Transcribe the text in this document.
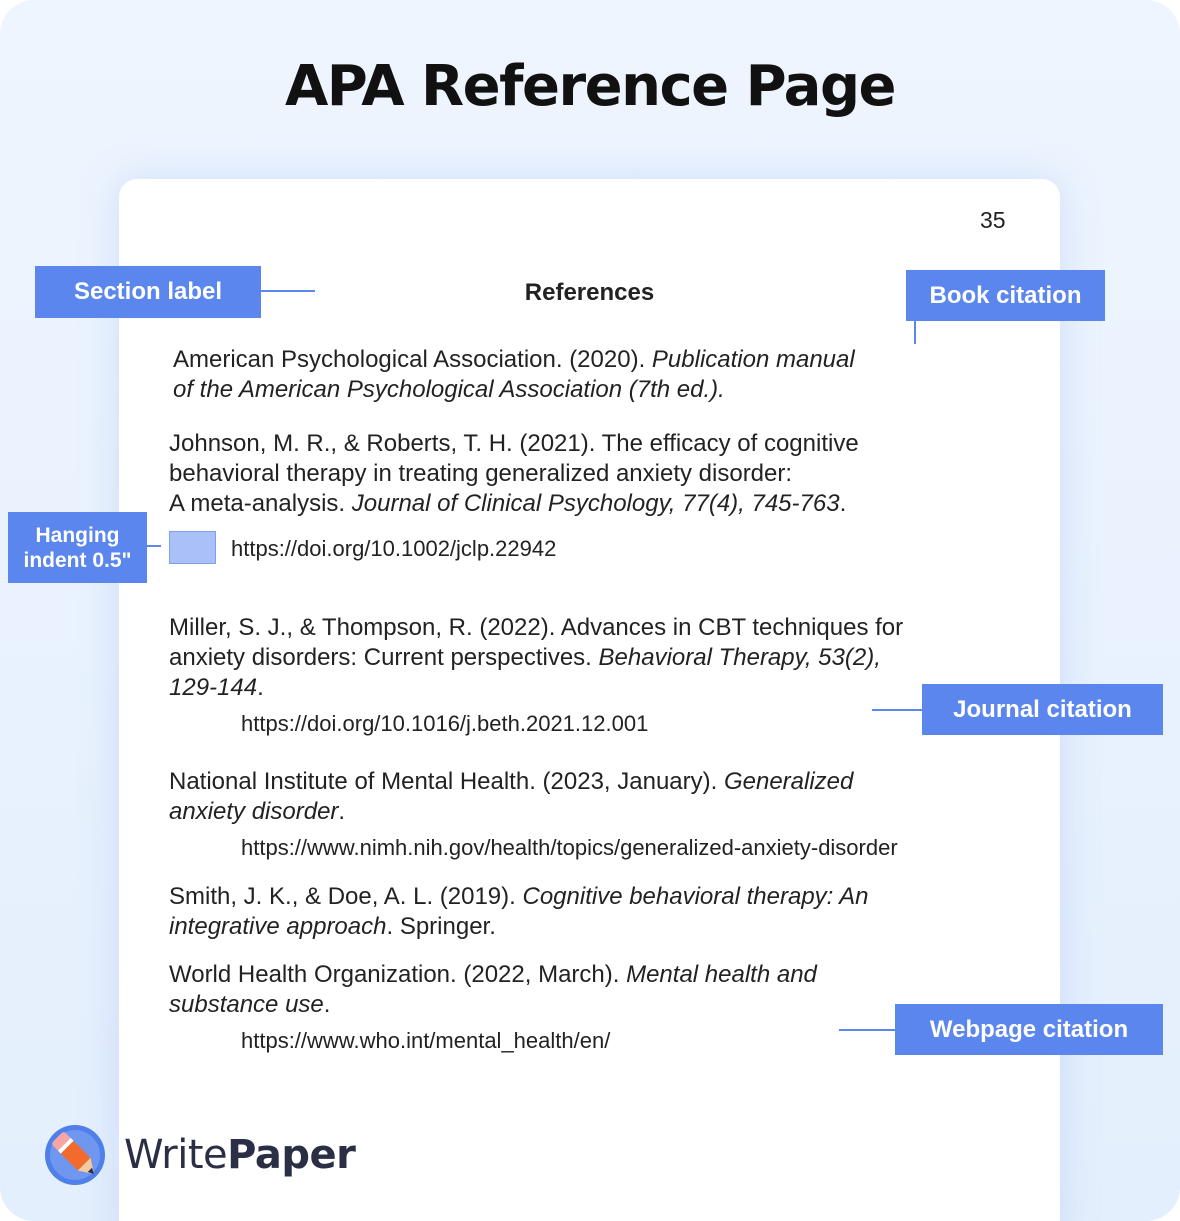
APA Reference Page
35
References
American Psychological Association. (2020). Publication manual
of the American Psychological Association (7th ed.).
Johnson, M. R., & Roberts, T. H. (2021). The efficacy of cognitive
behavioral therapy in treating generalized anxiety disorder:
A meta-analysis. Journal of Clinical Psychology, 77(4), 745-763.
https://doi.org/10.1002/jclp.22942
Miller, S. J., & Thompson, R. (2022). Advances in CBT techniques for
anxiety disorders: Current perspectives. Behavioral Therapy, 53(2),
129-144.
https://doi.org/10.1016/j.beth.2021.12.001
National Institute of Mental Health. (2023, January). Generalized
anxiety disorder.
https://www.nimh.nih.gov/health/topics/generalized-anxiety-disorder
Smith, J. K., & Doe, A. L. (2019). Cognitive behavioral therapy: An
integrative approach. Springer.
World Health Organization. (2022, March). Mental health and
substance use.
https://www.who.int/mental_health/en/
Section label	Book citation
Hanging
indent 0.5"
Journal citation
Webpage citation
WritePaper
